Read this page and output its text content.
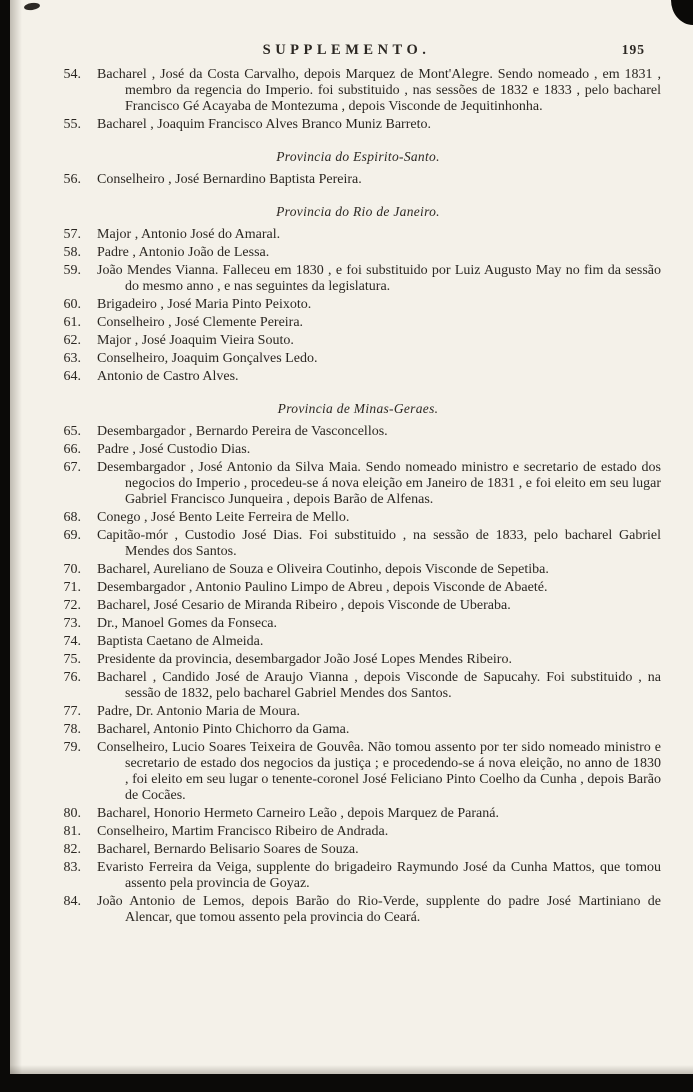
SUPPLEMENTO.	195
54. Bacharel , José da Costa Carvalho, depois Marquez de Mont'Alegre. Sendo nomeado , em 1831 , membro da regencia do Imperio. foi substituido , nas sessões de 1832 e 1833 , pelo bacharel Francisco Gé Acayaba de Montezuma , depois Visconde de Jequitinhonha.
55. Bacharel , Joaquim Francisco Alves Branco Muniz Barreto.
Provincia do Espirito-Santo.
56. Conselheiro , José Bernardino Baptista Pereira.
Provincia do Rio de Janeiro.
57. Major , Antonio José do Amaral.
58. Padre , Antonio João de Lessa.
59. João Mendes Vianna. Falleceu em 1830 , e foi substituido por Luiz Augusto May no fim da sessão do mesmo anno , e nas seguintes da legislatura.
60. Brigadeiro , José Maria Pinto Peixoto.
61. Conselheiro , José Clemente Pereira.
62. Major , José Joaquim Vieira Souto.
63. Conselheiro, Joaquim Gonçalves Ledo.
64. Antonio de Castro Alves.
Provincia de Minas-Geraes.
65. Desembargador , Bernardo Pereira de Vasconcellos.
66. Padre , José Custodio Dias.
67. Desembargador , José Antonio da Silva Maia. Sendo nomeado ministro e secretario de estado dos negocios do Imperio , procedeu-se á nova eleição em Janeiro de 1831 , e foi eleito em seu lugar Gabriel Francisco Junqueira , depois Barão de Alfenas.
68. Conego , José Bento Leite Ferreira de Mello.
69. Capitão-mór , Custodio José Dias. Foi substituido , na sessão de 1833, pelo bacharel Gabriel Mendes dos Santos.
70. Bacharel, Aureliano de Souza e Oliveira Coutinho, depois Visconde de Sepetiba.
71. Desembargador , Antonio Paulino Limpo de Abreu , depois Visconde de Abaeté.
72. Bacharel, José Cesario de Miranda Ribeiro , depois Visconde de Uberaba.
73. Dr., Manoel Gomes da Fonseca.
74. Baptista Caetano de Almeida.
75. Presidente da provincia, desembargador João José Lopes Mendes Ribeiro.
76. Bacharel , Candido José de Araujo Vianna , depois Visconde de Sapucahy. Foi substituido , na sessão de 1832, pelo bacharel Gabriel Mendes dos Santos.
77. Padre, Dr. Antonio Maria de Moura.
78. Bacharel, Antonio Pinto Chichorro da Gama.
79. Conselheiro, Lucio Soares Teixeira de Gouvêa. Não tomou assento por ter sido nomeado ministro e secretario de estado dos negocios da justiça ; e procedendo-se á nova eleição, no anno de 1830 , foi eleito em seu lugar o tenente-coronel José Feliciano Pinto Coelho da Cunha , depois Barão de Cocães.
80. Bacharel, Honorio Hermeto Carneiro Leão , depois Marquez de Paraná.
81. Conselheiro, Martim Francisco Ribeiro de Andrada.
82. Bacharel, Bernardo Belisario Soares de Souza.
83. Evaristo Ferreira da Veiga, supplente do brigadeiro Raymundo José da Cunha Mattos, que tomou assento pela provincia de Goyaz.
84. João Antonio de Lemos, depois Barão do Rio-Verde, supplente do padre José Martiniano de Alencar, que tomou assento pela provincia do Ceará.
